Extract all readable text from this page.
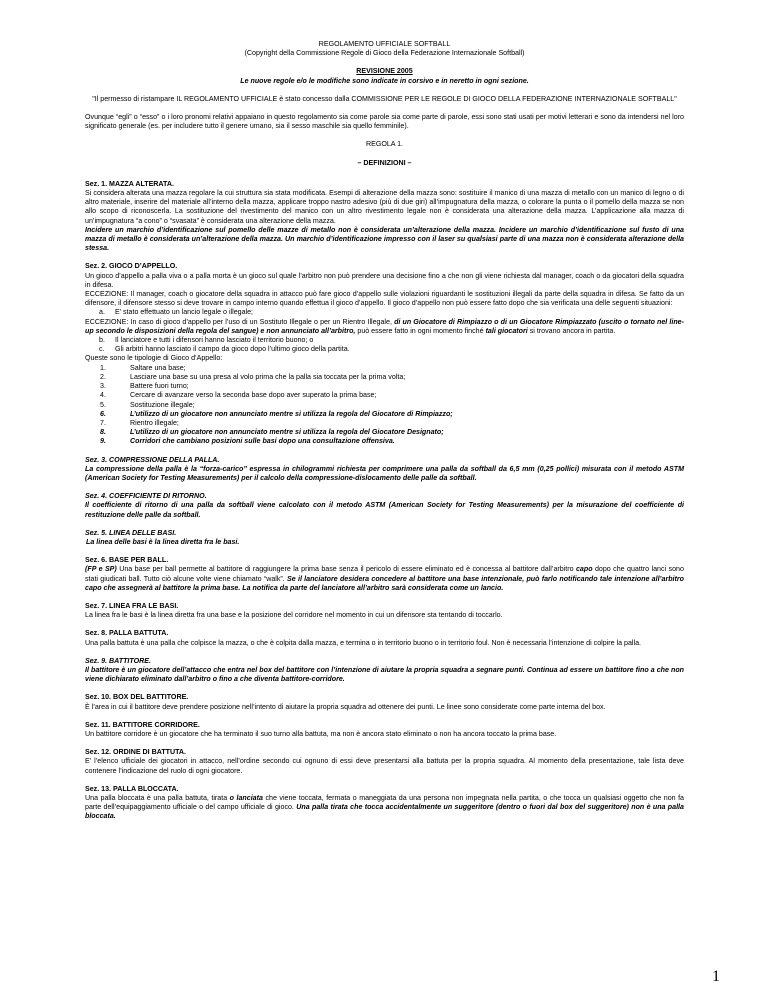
REGOLAMENTO UFFICIALE SOFTBALL

(Copyright della Commissione Regole di Gioco della Federazione Internazionale Softball)

REVISIONE 2005

Le nuove regole e/o le modifiche sono indicate in corsivo e in neretto in ogni sezione.

"Il permesso di ristampare IL REGOLAMENTO UFFICIALE è stato concesso dalla COMMISSIONE PER LE REGOLE DI GIOCO DELLA FEDERAZIONE INTERNAZIONALE SOFTBALL"

Ovunque “egli” o “esso” o i loro pronomi relativi appaiano in questo regolamento sia come parole sia come parte di parole, essi sono stati usati per motivi letterari e sono da intendersi nel loro significato generale (es. per includere tutto il genere umano, sia il sesso maschile sia quello femminile).

REGOLA 1.

– DEFINIZIONI –

Sez. 1. MAZZA ALTERATA.

Si considera alterata una mazza regolare la cui struttura sia stata modificata. Esempi di alterazione della mazza sono: sostituire il manico di una mazza di metallo con un manico di legno o di altro materiale, inserire del materiale all’interno della mazza, applicare troppo nastro adesivo (più di due giri) all’impugnatura della mazza, o colorare la punta o il pomello della mazza se non allo scopo di riconoscerla. La sostituzione del rivestimento del manico con un altro rivestimento legale non è considerata una alterazione della mazza. L’applicazione alla mazza di un’impugnatura “a cono” o “svasata” è considerata una alterazione della mazza.

Incidere un marchio d’identificazione sul pomello delle mazze di metallo non è considerata un’alterazione della mazza. Incidere un marchio d’identificazione sul fusto di una mazza di metallo è considerata un’alterazione della mazza. Un marchio d’identificazione impresso con il laser su qualsiasi parte di una mazza non è considerata alterazione della stessa.

Sez. 2. GIOCO D’APPELLO.

Un gioco d’appello a palla viva o a palla morta è un gioco sul quale l’arbitro non può prendere una decisione fino a che non gli viene richiesta dal manager, coach o da giocatori della squadra in difesa.

ECCEZIONE: Il manager, coach o giocatore della squadra in attacco può fare gioco d’appello sulle violazioni riguardanti le sostituzioni illegali da parte della squadra in difesa. Se fatto da un difensore, il difensore stesso si deve trovare in campo interno quando effettua il gioco d’appello. Il gioco d’appello non può essere fatto dopo che sia verificata una delle seguenti situazioni:

a. E’ stato effettuato un lancio legale o illegale;

ECCEZIONE: In caso di gioco d’appello per l’uso di un Sostituto Illegale o per un Rientro Illegale, di un Giocatore di Rimpiazzo o di un Giocatore Rimpiazzato (uscito o tornato nel line-up secondo le disposizioni della regola del sangue) e non annunciato all’arbitro, può essere fatto in ogni momento finché tali giocatori si trovano ancora in partita.

b. Il lanciatore e tutti i difensori hanno lasciato il territorio buono; o

c. Gli arbitri hanno lasciato il campo da gioco dopo l’ultimo gioco della partita.

Queste sono le tipologie di Gioco d’Appello:

1.	Saltare una base;
2.	Lasciare una base su una presa al volo prima che la palla sia toccata per la prima volta;
3.	Battere fuori turno;
4.	Cercare di avanzare verso la seconda base dopo aver superato la prima base;
5.	Sostituzione illegale;
6.	L’utilizzo di un giocatore non annunciato mentre si utilizza la regola del Giocatore di Rimpiazzo;
7.	Rientro illegale;
8.	L’utilizzo di un giocatore non annunciato mentre si utilizza la regola del Giocatore Designato;
9.	Corridori che cambiano posizioni sulle basi dopo una consultazione offensiva.

Sez. 3. COMPRESSIONE DELLA PALLA.

La compressione della palla è la “forza-carico” espressa in chilogrammi richiesta per comprimere una palla da softball da 6,5 mm (0,25 pollici) misurata con il metodo ASTM (American Society for Testing Measurements) per il calcolo della compressione-dislocamento delle palle da softball.

Sez. 4. COEFFICIENTE DI RITORNO.

Il coefficiente di ritorno di una palla da softball viene calcolato con il metodo ASTM (American Society for Testing Measurements) per la misurazione del coefficiente di restituzione delle palle da softball.

Sez. 5. LINEA DELLE BASI.

La linea delle basi è la linea diretta fra le basi.

Sez. 6. BASE PER BALL.

(FP e SP) Una base per ball permette al battitore di raggiungere la prima base senza il pericolo di essere eliminato ed è concessa al battitore dall’arbitro capo dopo che quattro lanci sono stati giudicati ball. Tutto ciò alcune volte viene chiamato “walk”. Se il lanciatore desidera concedere al battitore una base intenzionale, può farlo notificando tale intenzione all’arbitro capo che assegnerà al battitore la prima base. La notifica da parte del lanciatore all’arbitro sarà considerata come un lancio.

Sez. 7. LINEA FRA LE BASI.

La linea fra le basi è la linea diretta fra una base e la posizione del corridore nel momento in cui un difensore sta tentando di toccarlo.

Sez. 8. PALLA BATTUTA.

Una palla battuta è una palla che colpisce la mazza, o che è colpita dalla mazza, e termina o in territorio buono o in territorio foul. Non è necessaria l’intenzione di colpire la palla.

Sez. 9. BATTITORE.

Il battitore è un giocatore dell’attacco che entra nel box del battitore con l’intenzione di aiutare la propria squadra a segnare punti. Continua ad essere un battitore fino a che non viene dichiarato eliminato dall’arbitro o fino a che diventa battitore-corridore.

Sez. 10. BOX DEL BATTITORE.

È l’area in cui il battitore deve prendere posizione nell’intento di aiutare la propria squadra ad ottenere dei punti. Le linee sono considerate come parte interna del box.

Sez. 11. BATTITORE CORRIDORE.

Un battitore corridore è un giocatore che ha terminato il suo turno alla battuta, ma non è ancora stato eliminato o non ha ancora toccato la prima base.

Sez. 12. ORDINE DI BATTUTA.

E’ l’elenco ufficiale dei giocatori in attacco, nell’ordine secondo cui ognuno di essi deve presentarsi alla battuta per la propria squadra. Al momento della presentazione, tale lista deve contenere l’indicazione del ruolo di ogni giocatore.

Sez. 13. PALLA BLOCCATA.

Una palla bloccata è una palla battuta, tirata o lanciata che viene toccata, fermata o maneggiata da una persona non impegnata nella partita, o che tocca un qualsiasi oggetto che non fa parte dell’equipaggiamento ufficiale o del campo ufficiale di gioco. Una palla tirata che tocca accidentalmente un suggeritore (dentro o fuori dal box del suggeritore) non è una palla bloccata.

1
